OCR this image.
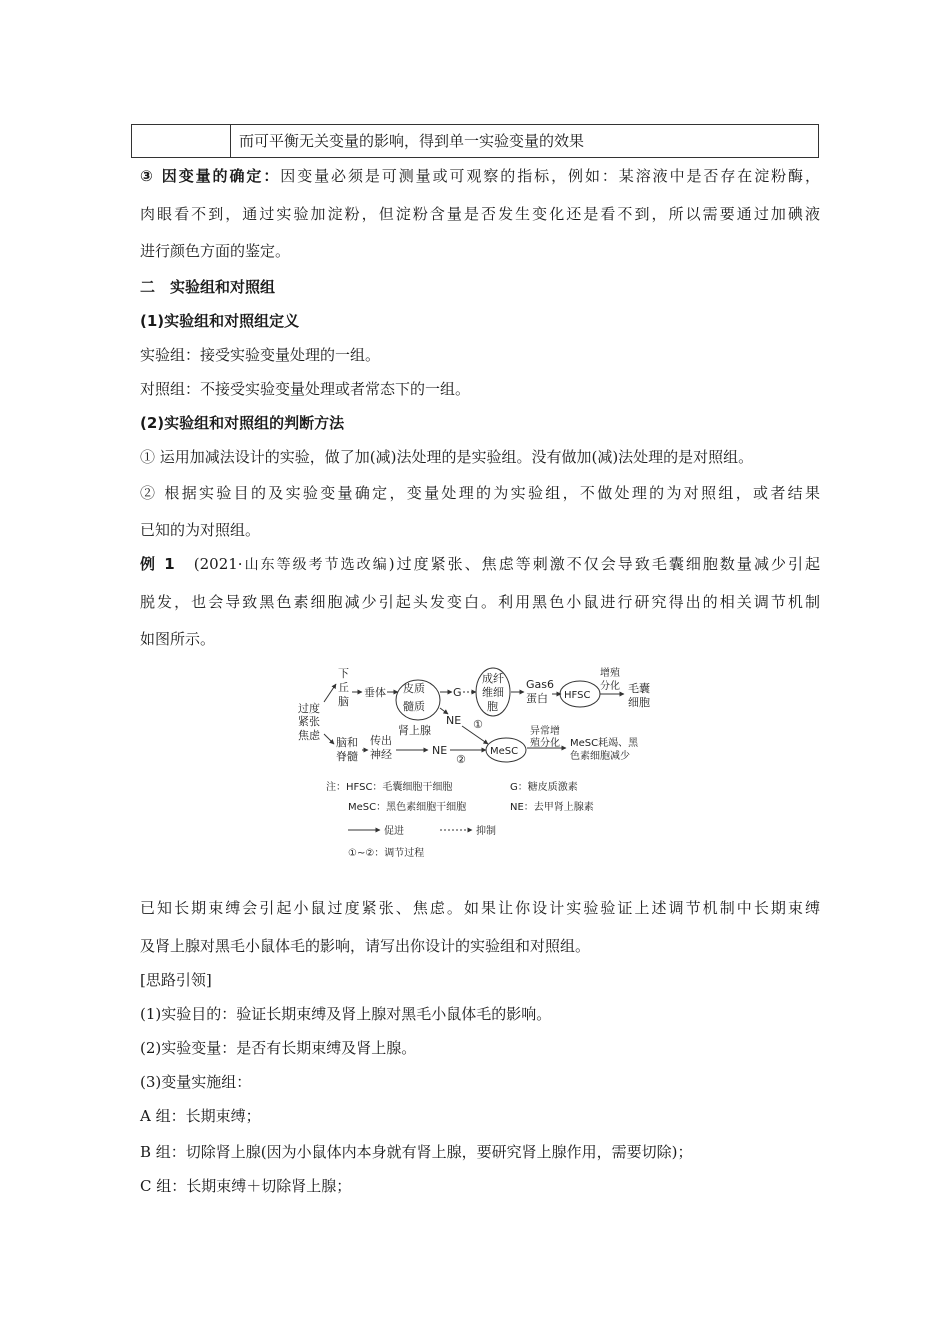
而可平衡无关变量的影响，得到单一实验变量的效果
③ 因变量的确定：因变量必须是可测量或可观察的指标，例如：某溶液中是否存在淀粉酶，
肉眼看不到，通过实验加淀粉，但淀粉含量是否发生变化还是看不到，所以需要通过加碘液
进行颜色方面的鉴定。
二　实验组和对照组
(1)实验组和对照组定义
实验组：接受实验变量处理的一组。
对照组：不接受实验变量处理或者常态下的一组。
(2)实验组和对照组的判断方法
① 运用加减法设计的实验，做了加(减)法处理的是实验组。没有做加(减)法处理的是对照组。
② 根据实验目的及实验变量确定，变量处理的为实验组，不做处理的为对照组，或者结果
已知的为对照组。
例 1　 (2021·山东等级考节选改编)过度紧张、焦虑等刺激不仅会导致毛囊细胞数量减少引起
脱发，也会导致黑色素细胞减少引起头发变白。利用黑色小鼠进行研究得出的相关调节机制
如图所示。
过度
紧张
焦虑
下
丘
脑
垂体 皮质
髓质
肾上腺
G
NE ①
成纤
维细
胞
Gas6
蛋白 HFSC
增殖
分化 毛囊
细胞
脑和
脊髓
传出
神经	NE
②
MeSC
异常增
殖分化 MeSC耗竭、黑
色素细胞减少
注：HFSC：毛囊细胞干细胞	G：糖皮质激素
MeSC：黑色素细胞干细胞	NE：去甲肾上腺素
促进	抑制
①~②：调节过程
已知长期束缚会引起小鼠过度紧张、焦虑。如果让你设计实验验证上述调节机制中长期束缚
及肾上腺对黑毛小鼠体毛的影响，请写出你设计的实验组和对照组。
[思路引领]
(1)实验目的：验证长期束缚及肾上腺对黑毛小鼠体毛的影响。
(2)实验变量：是否有长期束缚及肾上腺。
(3)变量实施组：
A 组：长期束缚；
B 组：切除肾上腺(因为小鼠体内本身就有肾上腺，要研究肾上腺作用，需要切除)；
C 组：长期束缚＋切除肾上腺；
